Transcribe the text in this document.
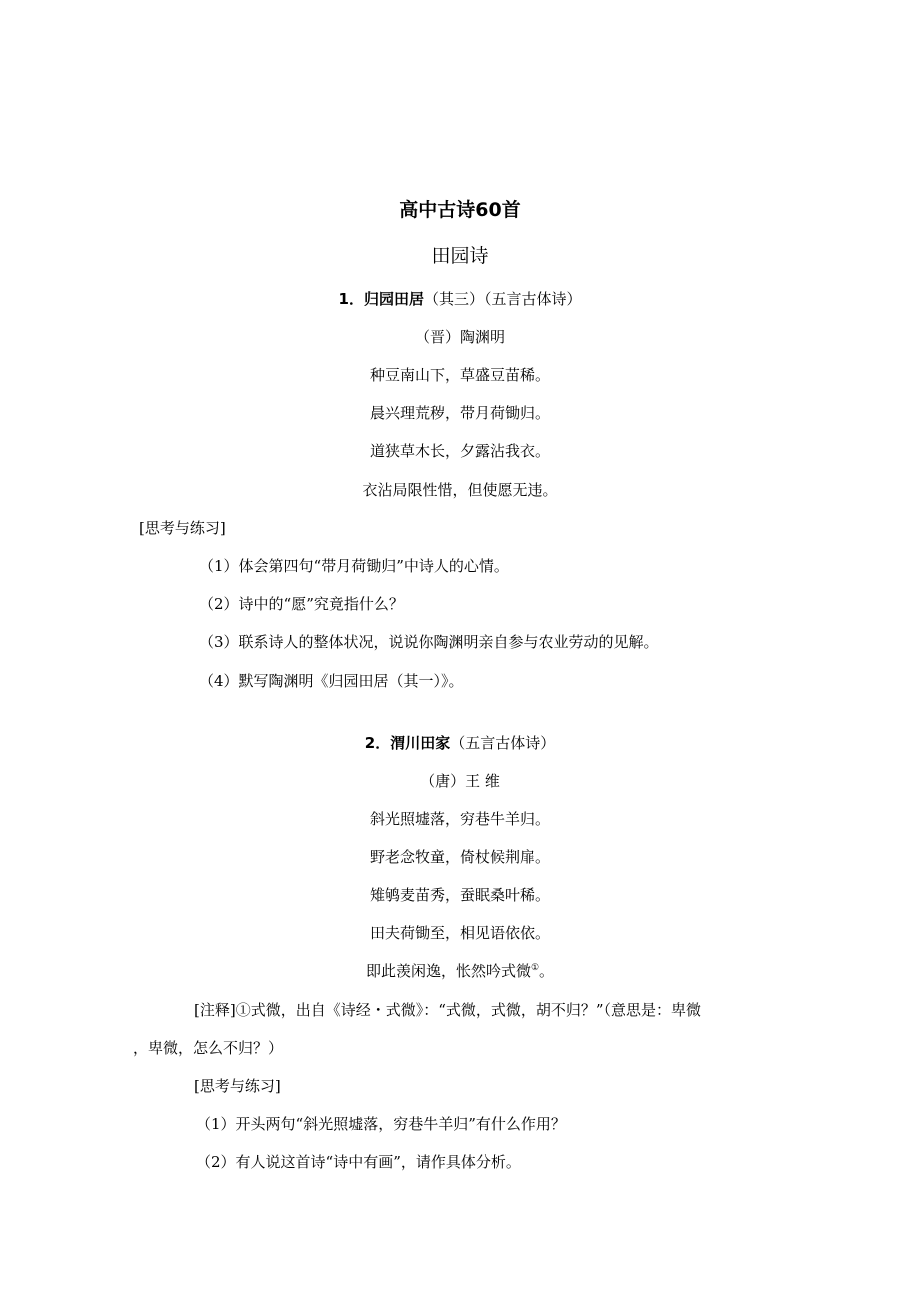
高中古诗60首
田园诗
1．归园田居（其三）（五言古体诗）
（晋）陶渊明
种豆南山下，草盛豆苗稀。
晨兴理荒秽，带月荷锄归。
道狭草木长，夕露沾我衣。
衣沾局限性惜，但使愿无违。
[思考与练习]
（1）体会第四句“带月荷锄归”中诗人的心情。
（2）诗中的“愿”究竟指什么？
（3）联系诗人的整体状况，说说你陶渊明亲自参与农业劳动的见解。
（4）默写陶渊明《归园田居（其一）》。
2．渭川田家（五言古体诗）
（唐）王 维
斜光照墟落，穷巷牛羊归。
野老念牧童，倚杖候荆扉。
雉鸲麦苗秀，蚕眠桑叶稀。
田夫荷锄至，相见语依依。
即此羡闲逸，怅然吟式微①。
[注释]①式微，出自《诗经・式微》：“式微，式微，胡不归？”（意思是：卑微
，卑微，怎么不归？）
[思考与练习]
（1）开头两句“斜光照墟落，穷巷牛羊归”有什么作用？
（2）有人说这首诗“诗中有画”，请作具体分析。
